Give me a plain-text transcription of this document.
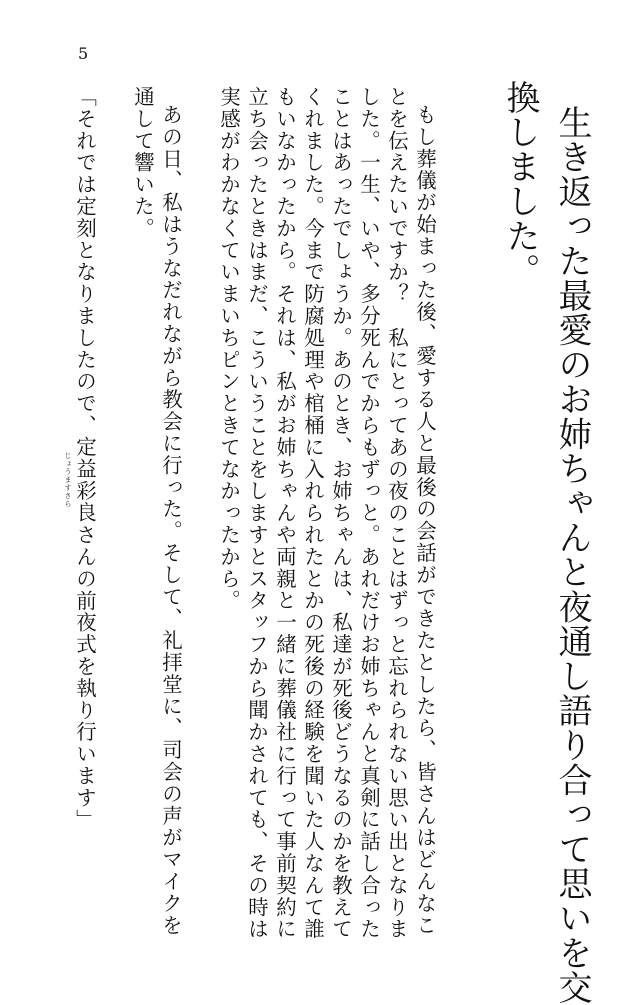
5
生き返った最愛のお姉ちゃんと夜通し語り合って思いを交
換しました。
もし葬儀が始まった後、愛する人と最後の会話ができたとしたら、皆さんはどんなこ
とを伝えたいですか？　私にとってあの夜のことはずっと忘れられない思い出となりま
した。一生、いや、多分死んでからもずっと。あれだけお姉ちゃんと真剣に話し合った
ことはあったでしょうか。あのとき、お姉ちゃんは、私達が死後どうなるのかを教えて
くれました。今まで防腐処理や棺桶に入れられたとかの死後の経験を聞いた人なんて誰
もいなかったから。それは、私がお姉ちゃんや両親と一緒に葬儀社に行って事前契約に
立ち会ったときはまだ、こういうことをしますとスタッフから聞かされても、その時は
実感がわかなくていまいちピンときてなかったから。
あの日、私はうなだれながら教会に行った。そして、礼拝堂に、司会の声がマイクを
通して響いた。
「それでは定刻となりましたので、定益彩良
じょうますさら
さんの前夜式を執り行います」
